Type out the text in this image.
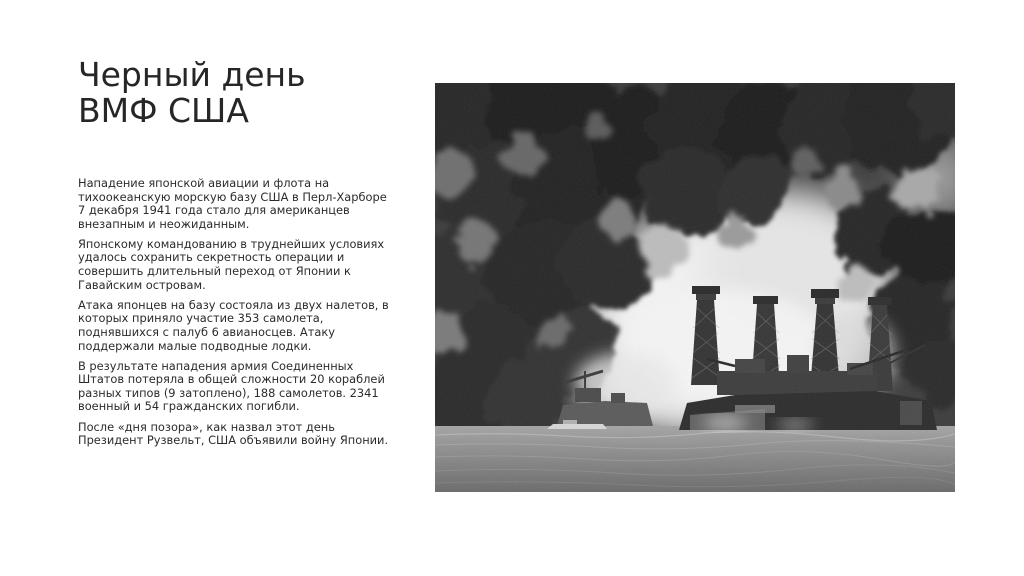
Черный день
ВМФ США

Нападение японской авиации и флота на тихоокеанскую морскую базу США в Перл-Харборе 7 декабря 1941 года стало для американцев внезапным и неожиданным.

Японскому командованию в труднейших условиях удалось сохранить секретность операции и совершить длительный переход от Японии к Гавайским островам.

Атака японцев на базу состояла из двух налетов, в которых приняло участие 353 самолета, поднявшихся с палуб 6 авианосцев. Атаку поддержали малые подводные лодки.

В результате нападения армия Соединенных Штатов потеряла в общей сложности 20 кораблей разных типов (9 затоплено), 188 самолетов. 2341 военный и 54 гражданских погибли.

После «дня позора», как назвал этот день Президент Рузвельт, США объявили войну Японии.
